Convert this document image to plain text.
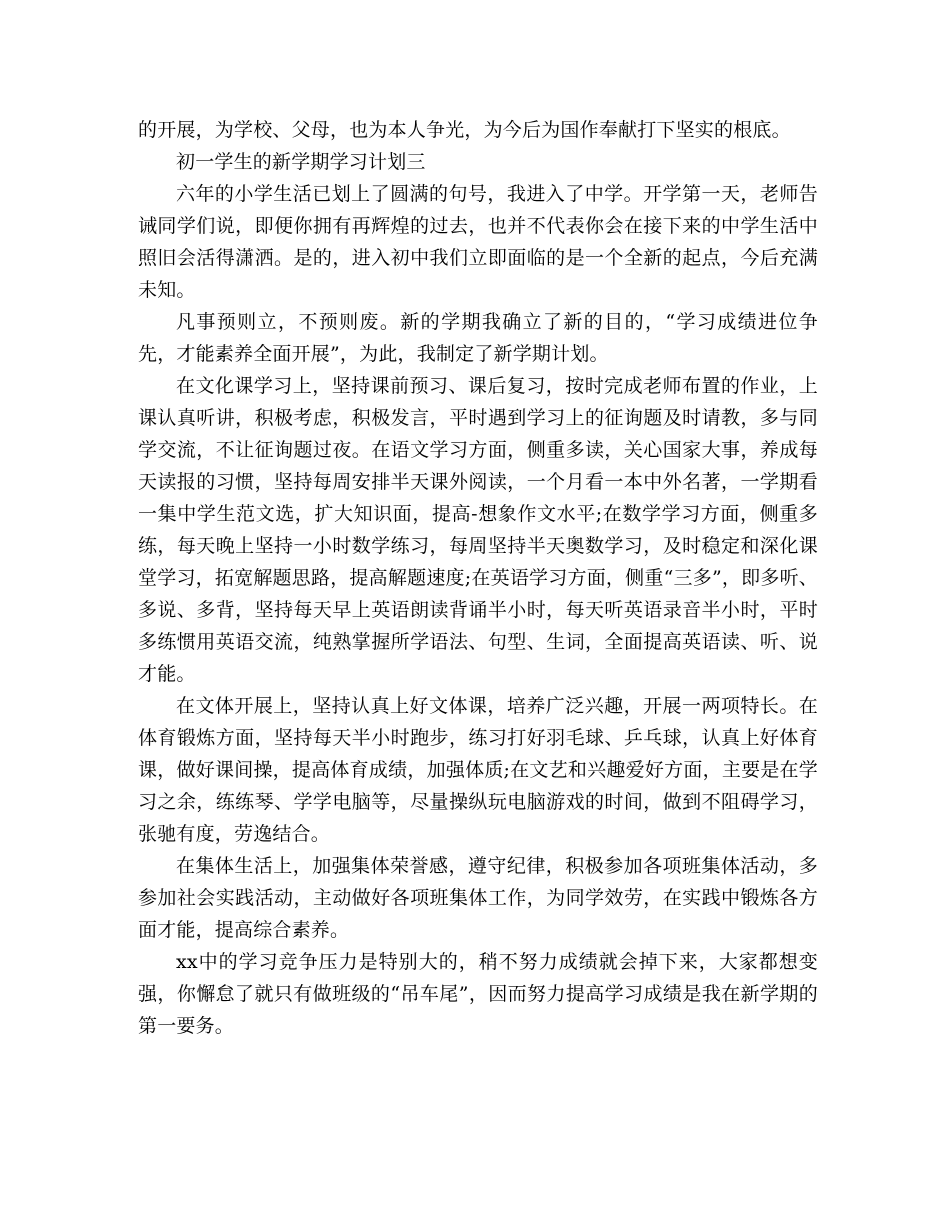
的开展，为学校、父母，也为本人争光，为今后为国作奉献打下坚实的根底。

初一学生的新学期学习计划三

六年的小学生活已划上了圆满的句号，我进入了中学。开学第一天，老师告诫同学们说，即便你拥有再辉煌的过去，也并不代表你会在接下来的中学生活中照旧会活得潇洒。是的，进入初中我们立即面临的是一个全新的起点，今后充满未知。

凡事预则立，不预则废。新的学期我确立了新的目的，“学习成绩进位争先，才能素养全面开展”，为此，我制定了新学期计划。

在文化课学习上，坚持课前预习、课后复习，按时完成老师布置的作业，上课认真听讲，积极考虑，积极发言，平时遇到学习上的征询题及时请教，多与同学交流，不让征询题过夜。在语文学习方面，侧重多读，关心国家大事，养成每天读报的习惯，坚持每周安排半天课外阅读，一个月看一本中外名著，一学期看一集中学生范文选，扩大知识面，提高-想象作文水平;在数学学习方面，侧重多练，每天晚上坚持一小时数学练习，每周坚持半天奥数学习，及时稳定和深化课堂学习，拓宽解题思路，提高解题速度;在英语学习方面，侧重“三多”，即多听、多说、多背，坚持每天早上英语朗读背诵半小时，每天听英语录音半小时，平时多练惯用英语交流，纯熟掌握所学语法、句型、生词，全面提高英语读、听、说才能。

在文体开展上，坚持认真上好文体课，培养广泛兴趣，开展一两项特长。在体育锻炼方面，坚持每天半小时跑步，练习打好羽毛球、乒乓球，认真上好体育课，做好课间操，提高体育成绩，加强体质;在文艺和兴趣爱好方面，主要是在学习之余，练练琴、学学电脑等，尽量操纵玩电脑游戏的时间，做到不阻碍学习，张驰有度，劳逸结合。

在集体生活上，加强集体荣誉感，遵守纪律，积极参加各项班集体活动，多参加社会实践活动，主动做好各项班集体工作，为同学效劳，在实践中锻炼各方面才能，提高综合素养。

xx中的学习竞争压力是特别大的，稍不努力成绩就会掉下来，大家都想变强，你懈怠了就只有做班级的“吊车尾”，因而努力提高学习成绩是我在新学期的第一要务。
